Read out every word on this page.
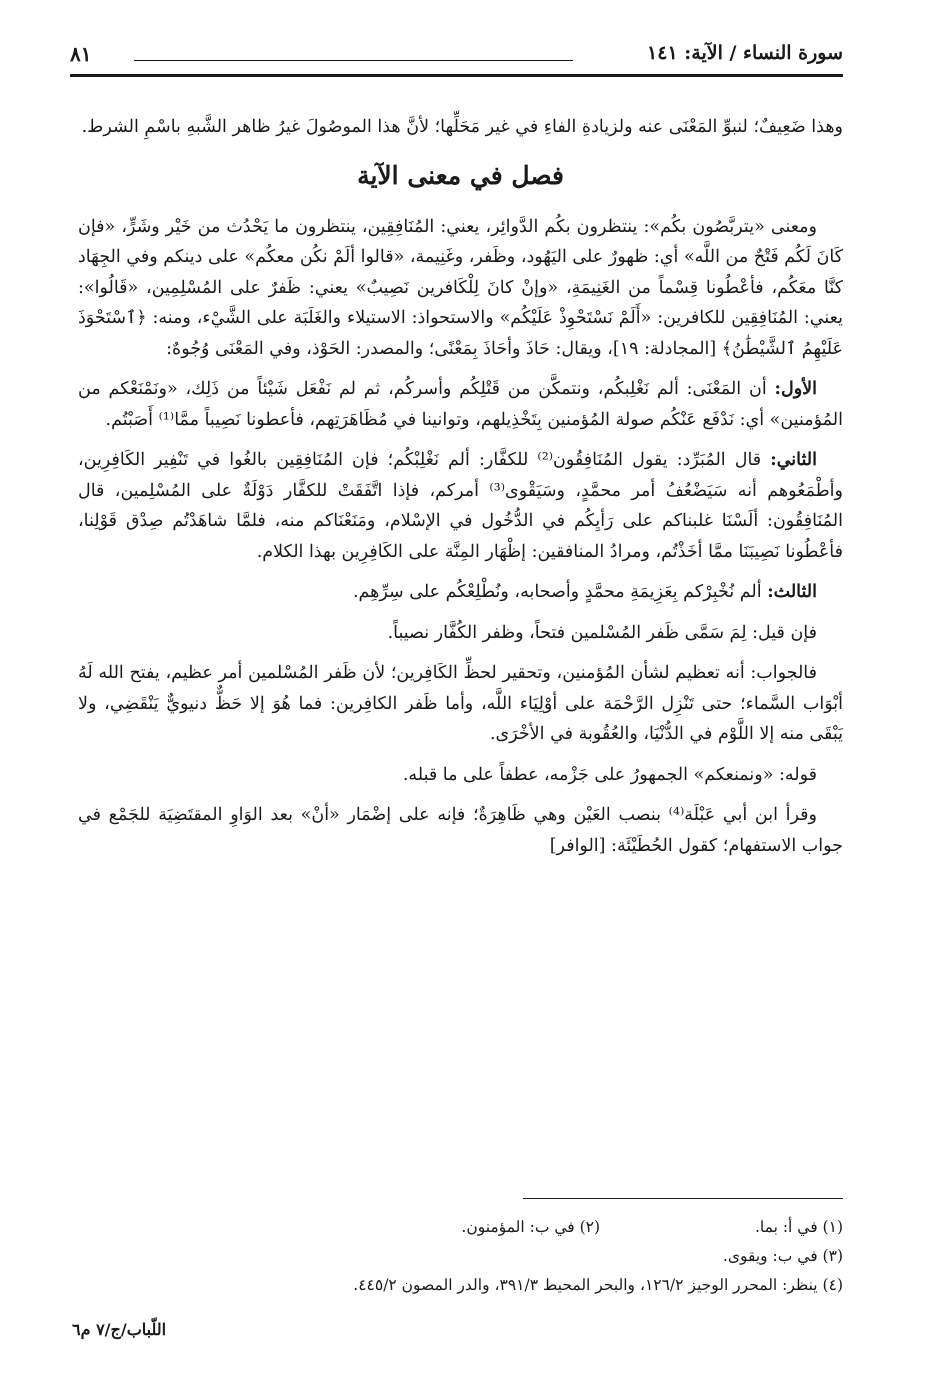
سورة النساء / الآية: ١٤١
٨١

وهذا ضَعِيفٌ؛ لنبوِّ المَعْنَى عنه ولزيادةِ الفاءِ في غير مَحَلِّها؛ لأنَّ هذا الموصُولَ غيرُ ظاهر الشَّبهِ باسْمِ الشرط.

فصل في معنى الآية

ومعنى «يتربَّصُون بكُم»: ينتظرون بكُم الدَّوائِر، يعني: المُنَافِقِين، ينتظرون ما يَحْدُث من خَيْر وشَرٍّ، «فإن كَانَ لَكُم فَتْحٌ من اللَّه» أي: ظهورٌ على اليَهُود، وظَفر، وغَنِيمة، «قالوا ألَمْ نكُن معكُم» على دينكم وفي الجِهَاد كنَّا معَكُم، فأعْطُونا قِسْماً من الغَنِيمَةِ، «وإنْ كانَ لِلْكَافرين نَصِيبٌ» يعني: ظَفرٌ على المُسْلِمِين، «قَالُوا»: يعني: المُنَافِقِين للكافرين: «أَلَمْ نَسْتَحْوِذْ عَلَيْكُم» والاستحواذ: الاستيلاء والغَلَبَة على الشَّيْء، ومنه: ﴿ٱسْتَحْوَذَ عَلَيْهِمُ ٱلشَّيْطَٰنُ﴾ [المجادلة: ١٩]، ويقال: حَاذَ وأحَاذَ بِمَعْنًى؛ والمصدر: الحَوْذ، وفي المَعْنَى وُجُوهٌ:

الأول: أن المَعْنَى: ألم نَغْلِبكُم، ونتمكَّن من قَتْلِكُم وأسركُم، ثم لم نَفْعَل شَيْئاً من ذَلِك، «ونَمْنَعْكم من المُؤمنين» أي: نَدْفَع عَنْكُم صولة المُؤمنين بِتَخْذِيلهم، وتوانينا في مُظَاهَرَتِهم، فأعطونا نَصِيباً ممَّا⁽¹⁾ أَصَبْتُم.

الثاني: قال المُبَرِّد: يقول المُنَافِقُون⁽²⁾ للكفَّار: ألم نَغْلِبْكُم؛ فإن المُنَافِقِين بالغُوا في تَنْفِير الكَافِرِين، وأطْمَعُوهم أنه سَيَضْعُفُ أمر محمَّدٍ، وسَيَقْوى⁽³⁾ أمركم، فإذا اتَّفَقَتْ للكفَّار دَوْلَةٌ على المُسْلِمين، قال المُنَافِقُون: ألَسْنَا غلبناكم على رَأيِكُم في الدُّخُول في الإسْلام، ومَنَعْنَاكم منه، فلمَّا شاهَدْتُم صِدْق قَوْلِنا، فأعْطُونا نَصِيبَنَا ممَّا أخَذْتُم، ومرادُ المنافقين: إظْهَار المِنَّة على الكَافِرِين بهذا الكلام.

الثالث: ألم نُخْبِرْكم بِعَزِيمَةِ محمَّدٍ وأصحابه، ونُطْلِعْكُم على سِرِّهِم.

فإن قيل: لِمَ سَمَّى ظَفر المُسْلمين فتحاً، وظفر الكُفَّار نصيباً.

فالجواب: أنه تعظيم لشأن المُؤمنين، وتحقير لحظِّ الكَافِرين؛ لأن ظَفر المُسْلمين أمر عظيم، يفتح الله لَهُ أبْوَاب السَّماء؛ حتى تَنْزِل الرَّحْمَة على أوْلِيَاء اللَّه، وأما ظَفر الكافِرين: فما هُوَ إلا حَظٌّ دنيويٌّ يَنْقَضِي، ولا يَبْقَى منه إلا اللَّوْم في الدُّنْيَا، والعُقُوبة في الأخْرَى.

قوله: «ونمنعكم» الجمهورُ على جَزْمه، عطفاً على ما قبله.

وقرأ ابن أبي عَبْلَة⁽⁴⁾ بنصب العَيْن وهي ظَاهِرَةٌ؛ فإنه على إضْمَار «أنْ» بعد الوَاوِ المقتَضِيَة للجَمْع في جواب الاستفهام؛ كقول الحُطَيْئَة: [الوافر]

(١) في أ: بما. (٢) في ب: المؤمنون.
(٣) في ب: ويقوى.
(٤) ينظر: المحرر الوجيز ١٢٦/٢، والبحر المحيط ٣٩١/٣، والدر المصون ٤٤٥/٢.
اللّباب/ج/٧ م٦
